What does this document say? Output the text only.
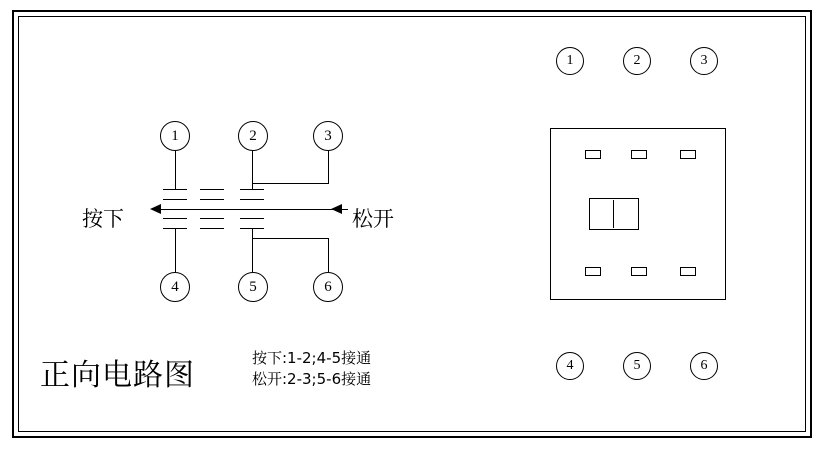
1	2	3
4	5	6
按下	松开
正向电路图	按下:1-2;4-5接通
松开:2-3;5-6接通
1	2	3
4	5	6
